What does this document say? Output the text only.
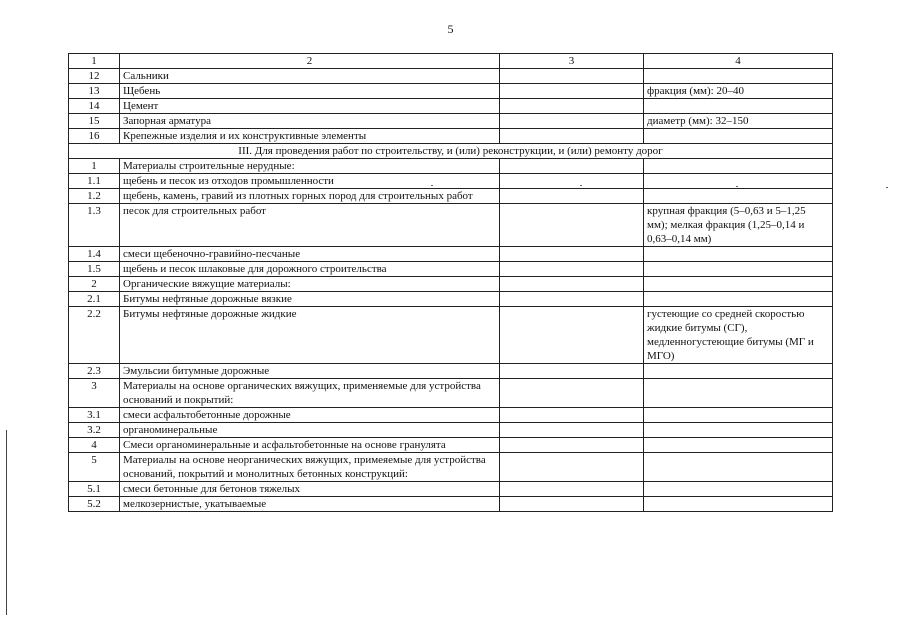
5
1	2	3	4
12	Сальники		
13	Щебень		фракция (мм): 20–40
14	Цемент		
15	Запорная арматура		диаметр (мм): 32–150
16	Крепежные изделия и их конструктивные элементы		
III. Для проведения работ по строительству, и (или) реконструкции, и (или) ремонту дорог			
1	Материалы строительные нерудные:		
1.1	щебень и песок из отходов промышленности		
1.2	щебень, камень, гравий из плотных горных пород для строительных работ		
1.3	песок для строительных работ		крупная фракция (5–0,63 и 5–1,25 мм); мелкая фракция (1,25–0,14 и 0,63–0,14 мм)
1.4	смеси щебеночно-гравийно-песчаные		
1.5	щебень и песок шлаковые для дорожного строительства		
2	Органические вяжущие материалы:		
2.1	Битумы нефтяные дорожные вязкие		
2.2	Битумы нефтяные дорожные жидкие		густеющие со средней скоростью жидкие битумы (СГ), медленногустеющие битумы (МГ и МГО)
2.3	Эмульсии битумные дорожные		
3	Материалы на основе органических вяжущих, применяемые для устройства оснований и покрытий:		
3.1	смеси асфальтобетонные дорожные		
3.2	органоминеральные		
4	Смеси органоминеральные и асфальтобетонные на основе гранулята		
5	Материалы на основе неорганических вяжущих, примеяемые для устройства оснований, покрытий и монолитных бетонных конструкций:		
5.1	смеси бетонные для бетонов тяжелых		
5.2	мелкозернистые, укатываемые		
